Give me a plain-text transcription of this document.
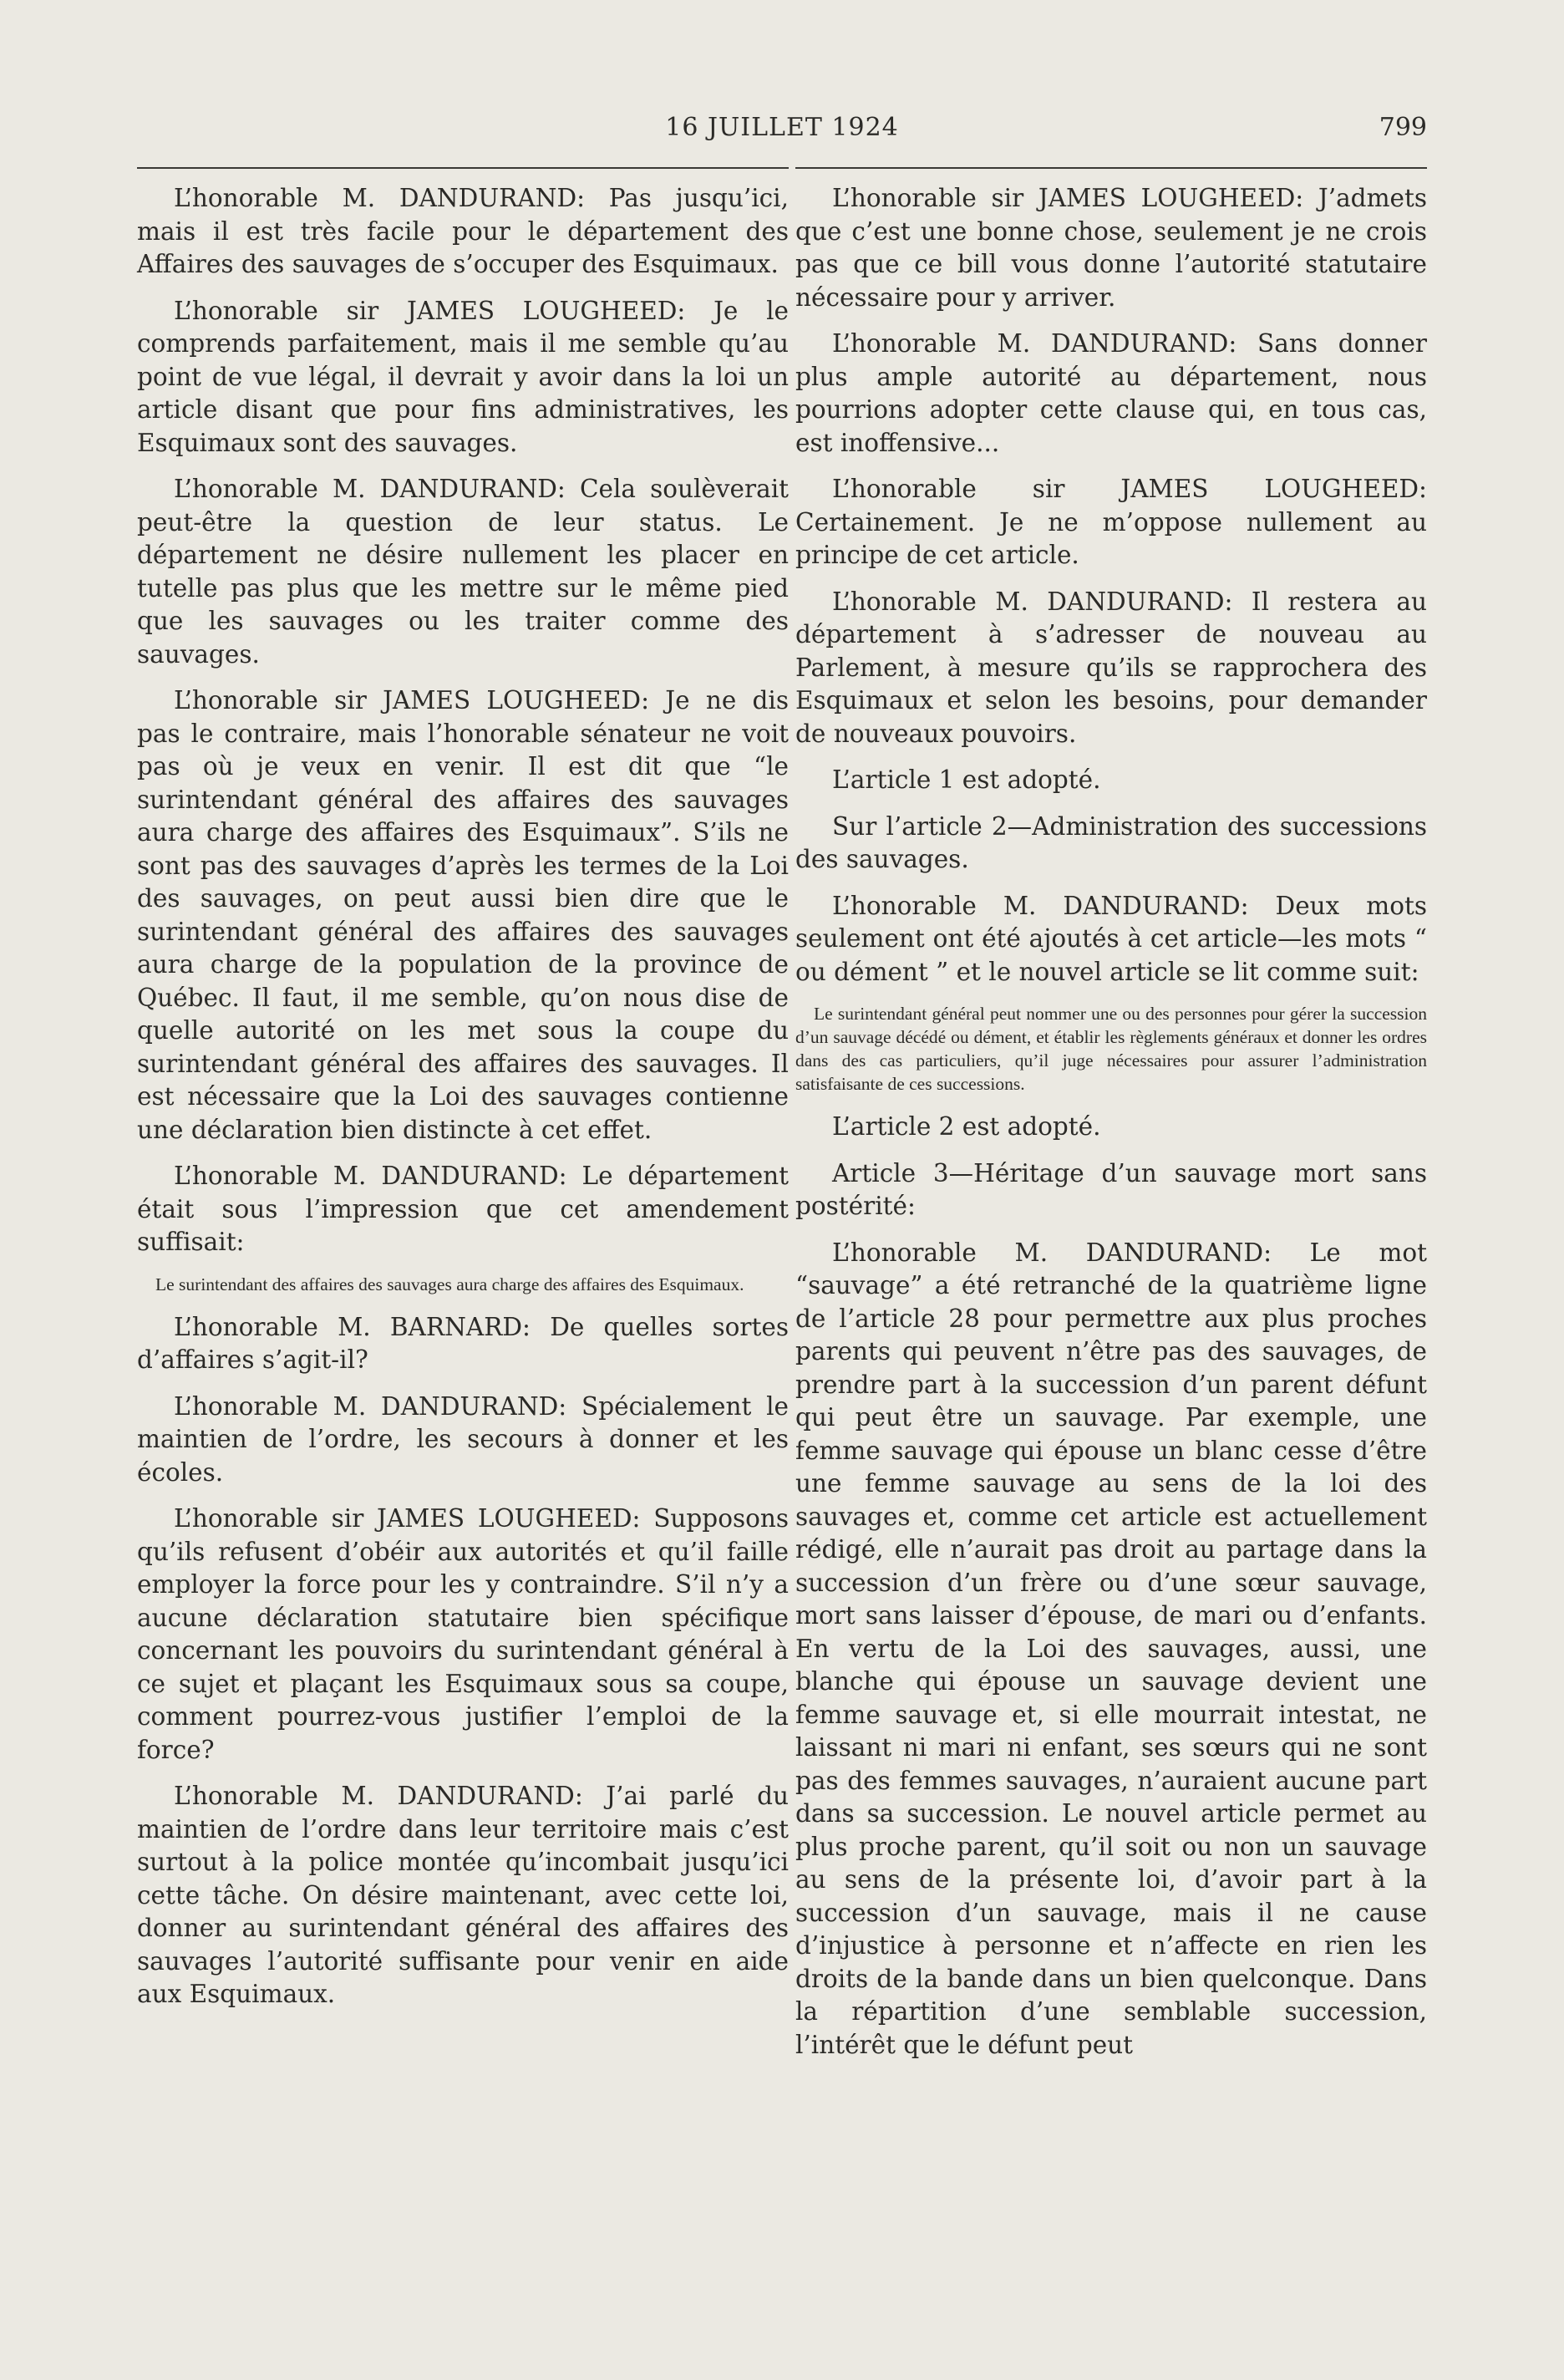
16 JUILLET 1924	799

L’honorable M. DANDURAND: Pas jusqu’ici, mais il est très facile pour le département des Affaires des sauvages de s’occuper des Esquimaux.

L’honorable sir JAMES LOUGHEED: Je le comprends parfaitement, mais il me semble qu’au point de vue légal, il devrait y avoir dans la loi un article disant que pour fins administratives, les Esquimaux sont des sauvages.

L’honorable M. DANDURAND: Cela soulèverait peut-être la question de leur status. Le département ne désire nullement les placer en tutelle pas plus que les mettre sur le même pied que les sauvages ou les traiter comme des sauvages.

L’honorable sir JAMES LOUGHEED: Je ne dis pas le contraire, mais l’honorable sénateur ne voit pas où je veux en venir. Il est dit que “le surintendant général des affaires des sauvages aura charge des affaires des Esquimaux”. S’ils ne sont pas des sauvages d’après les termes de la Loi des sauvages, on peut aussi bien dire que le surintendant général des affaires des sauvages aura charge de la population de la province de Québec. Il faut, il me semble, qu’on nous dise de quelle autorité on les met sous la coupe du surintendant général des affaires des sauvages. Il est nécessaire que la Loi des sauvages contienne une déclaration bien distincte à cet effet.

L’honorable M. DANDURAND: Le département était sous l’impression que cet amendement suffisait:

Le surintendant des affaires des sauvages aura charge des affaires des Esquimaux.

L’honorable M. BARNARD: De quelles sortes d’affaires s’agit-il?

L’honorable M. DANDURAND: Spécialement le maintien de l’ordre, les secours à donner et les écoles.

L’honorable sir JAMES LOUGHEED: Supposons qu’ils refusent d’obéir aux autorités et qu’il faille employer la force pour les y contraindre. S’il n’y a aucune déclaration statutaire bien spécifique concernant les pouvoirs du surintendant général à ce sujet et plaçant les Esquimaux sous sa coupe, comment pourrez-vous justifier l’emploi de la force?

L’honorable M. DANDURAND: J’ai parlé du maintien de l’ordre dans leur territoire mais c’est surtout à la police montée qu’incombait jusqu’ici cette tâche. On désire maintenant, avec cette loi, donner au surintendant général des affaires des sauvages l’autorité suffisante pour venir en aide aux Esquimaux.

L’honorable sir JAMES LOUGHEED: J’admets que c’est une bonne chose, seulement je ne crois pas que ce bill vous donne l’autorité statutaire nécessaire pour y arriver.

L’honorable M. DANDURAND: Sans donner plus ample autorité au département, nous pourrions adopter cette clause qui, en tous cas, est inoffensive...

L’honorable sir JAMES LOUGHEED: Certainement. Je ne m’oppose nullement au principe de cet article.

L’honorable M. DANDURAND: Il restera au département à s’adresser de nouveau au Parlement, à mesure qu’ils se rapprochera des Esquimaux et selon les besoins, pour demander de nouveaux pouvoirs.

L’article 1 est adopté.

Sur l’article 2—Administration des successions des sauvages.

L’honorable M. DANDURAND: Deux mots seulement ont été ajoutés à cet article—les mots “ ou dément ” et le nouvel article se lit comme suit:

Le surintendant général peut nommer une ou des personnes pour gérer la succession d’un sauvage décédé ou dément, et établir les règlements généraux et donner les ordres dans des cas particuliers, qu’il juge nécessaires pour assurer l’administration satisfaisante de ces successions.

L’article 2 est adopté.

Article 3—Héritage d’un sauvage mort sans postérité:

L’honorable M. DANDURAND: Le mot “sauvage” a été retranché de la quatrième ligne de l’article 28 pour permettre aux plus proches parents qui peuvent n’être pas des sauvages, de prendre part à la succession d’un parent défunt qui peut être un sauvage. Par exemple, une femme sauvage qui épouse un blanc cesse d’être une femme sauvage au sens de la loi des sauvages et, comme cet article est actuellement rédigé, elle n’aurait pas droit au partage dans la succession d’un frère ou d’une sœur sauvage, mort sans laisser d’épouse, de mari ou d’enfants. En vertu de la Loi des sauvages, aussi, une blanche qui épouse un sauvage devient une femme sauvage et, si elle mourrait intestat, ne laissant ni mari ni enfant, ses sœurs qui ne sont pas des femmes sauvages, n’auraient aucune part dans sa succession. Le nouvel article permet au plus proche parent, qu’il soit ou non un sauvage au sens de la présente loi, d’avoir part à la succession d’un sauvage, mais il ne cause d’injustice à personne et n’affecte en rien les droits de la bande dans un bien quelconque. Dans la répartition d’une semblable succession, l’intérêt que le défunt peut
